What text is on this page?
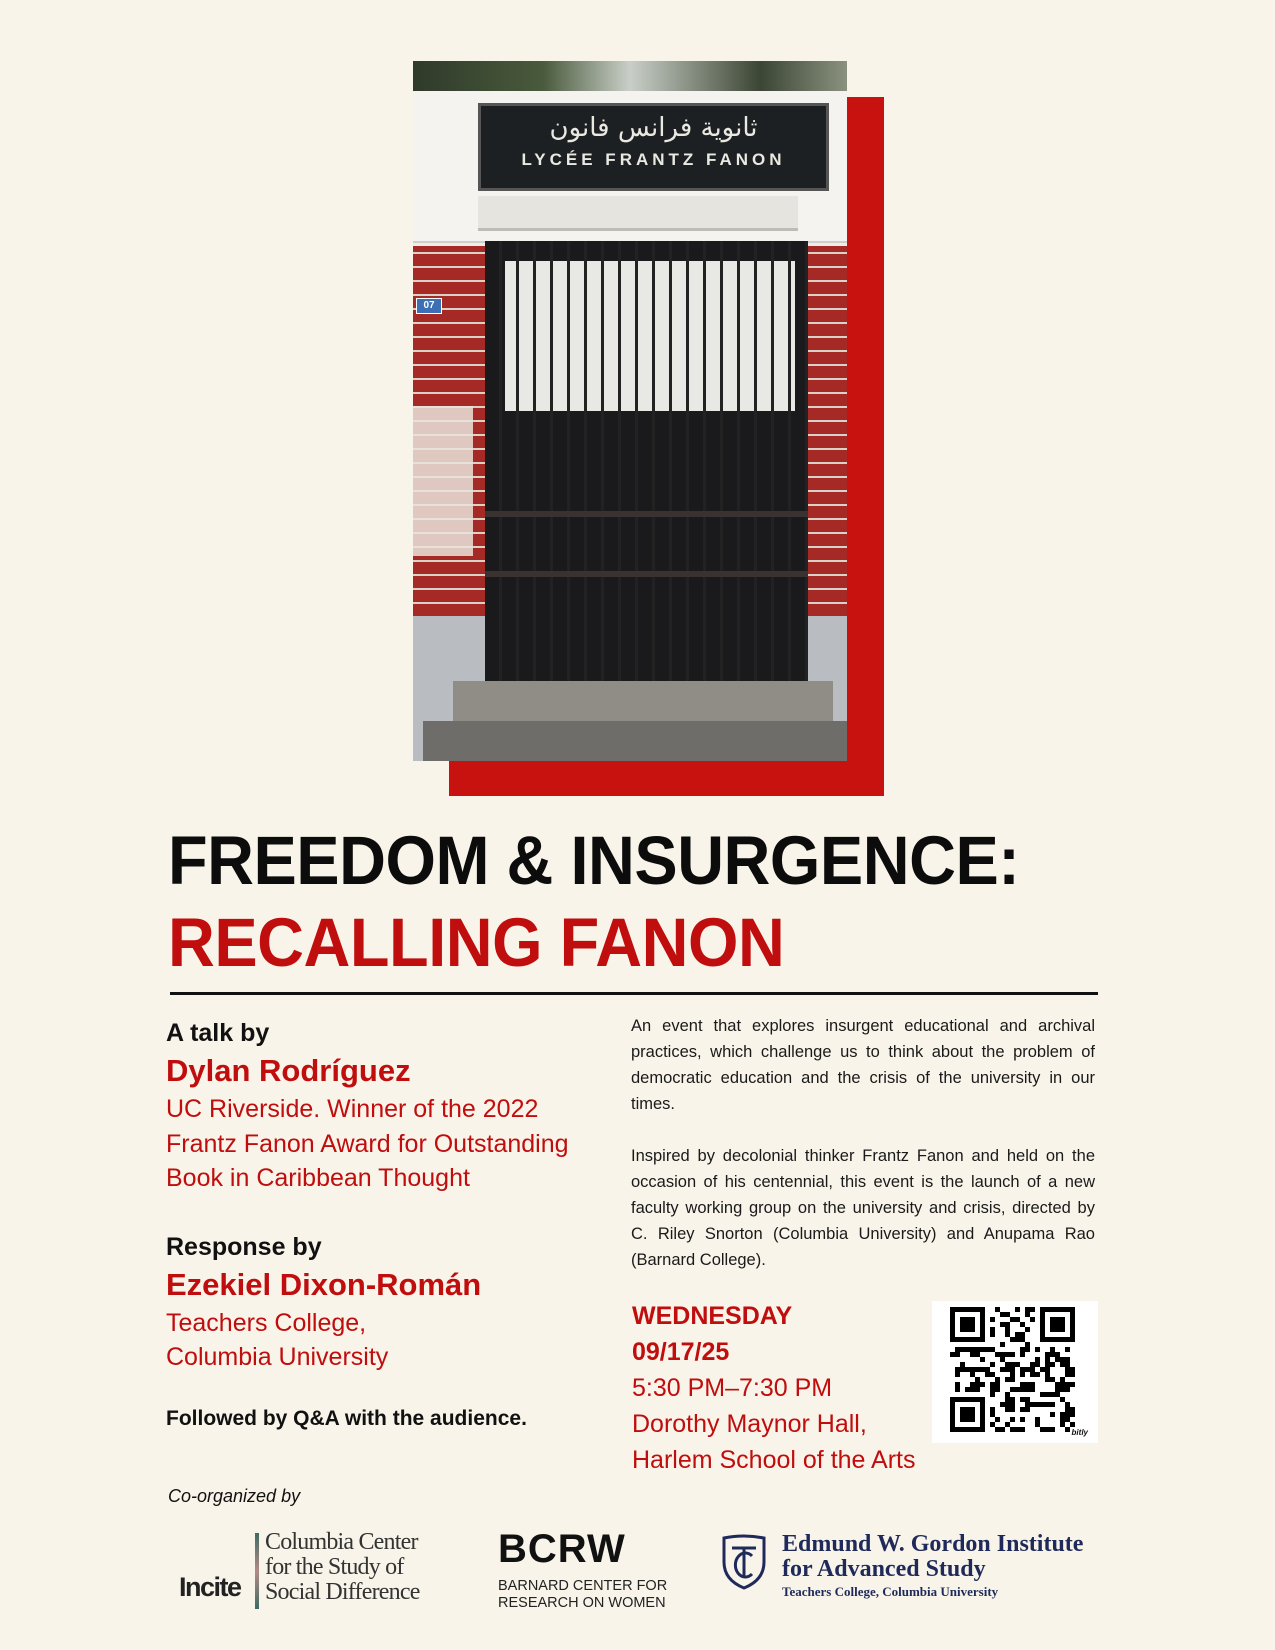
ثانوية فرانس فانون
LYCÉE FRANTZ FANON
07
FREEDOM & INSURGENCE:
RECALLING FANON
A talk by
Dylan Rodríguez
UC Riverside. Winner of the 2022
Frantz Fanon Award for Outstanding
Book in Caribbean Thought
Response by
Ezekiel Dixon-Román
Teachers College,
Columbia University
Followed by Q&A with the audience.

An event that explores insurgent educational and archival practices, which challenge us to think about the problem of democratic education and the crisis of the university in our times.

Inspired by decolonial thinker Frantz Fanon and held on the occasion of his centennial, this event is the launch of a new faculty working group on the university and crisis, directed by C. Riley Snorton (Columbia University) and Anupama Rao (Barnard College).

WEDNESDAY
09/17/25
5:30 PM–7:30 PM
Dorothy Maynor Hall,
Harlem School of the Arts
bitly
Co-organized by
Incite
Columbia Center
for the Study of
Social Difference
BCRW
BARNARD CENTER FOR
RESEARCH ON WOMEN
Edmund W. Gordon Institute
for Advanced Study
Teachers College, Columbia University
